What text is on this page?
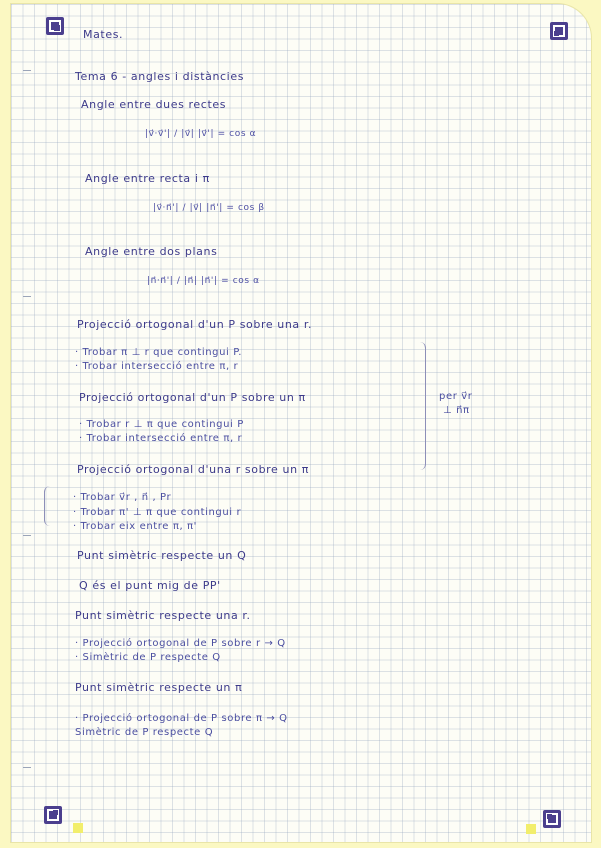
Mates.

Tema 6 - angles i distàncies

Angle entre dues rectes

|v⃗·v⃗'| / |v⃗| |v⃗'| = cos α

Angle entre recta i π

|v⃗·n⃗'| / |v⃗| |n⃗'| = cos β

Angle entre dos plans

|n⃗·n⃗'| / |n⃗| |n⃗'| = cos α

Projecció ortogonal d'un P sobre una r.

· Trobar π ⊥ r que contingui P.

· Trobar intersecció entre π, r

Projecció ortogonal d'un P sobre un π

· Trobar r ⊥ π que contingui P

· Trobar intersecció entre π, r

per v⃗r

⊥ n⃗π

Projecció ortogonal d'una r sobre un π

· Trobar v⃗r , n⃗ , Pr

· Trobar π' ⊥ π que contingui r

· Trobar eix entre π, π'

Punt simètric respecte un Q

Q és el punt mig de PP'

Punt simètric respecte una r.

· Projecció ortogonal de P sobre r → Q

· Simètric de P respecte Q

Punt simètric respecte un π

· Projecció ortogonal de P sobre π → Q

Simètric de P respecte Q
